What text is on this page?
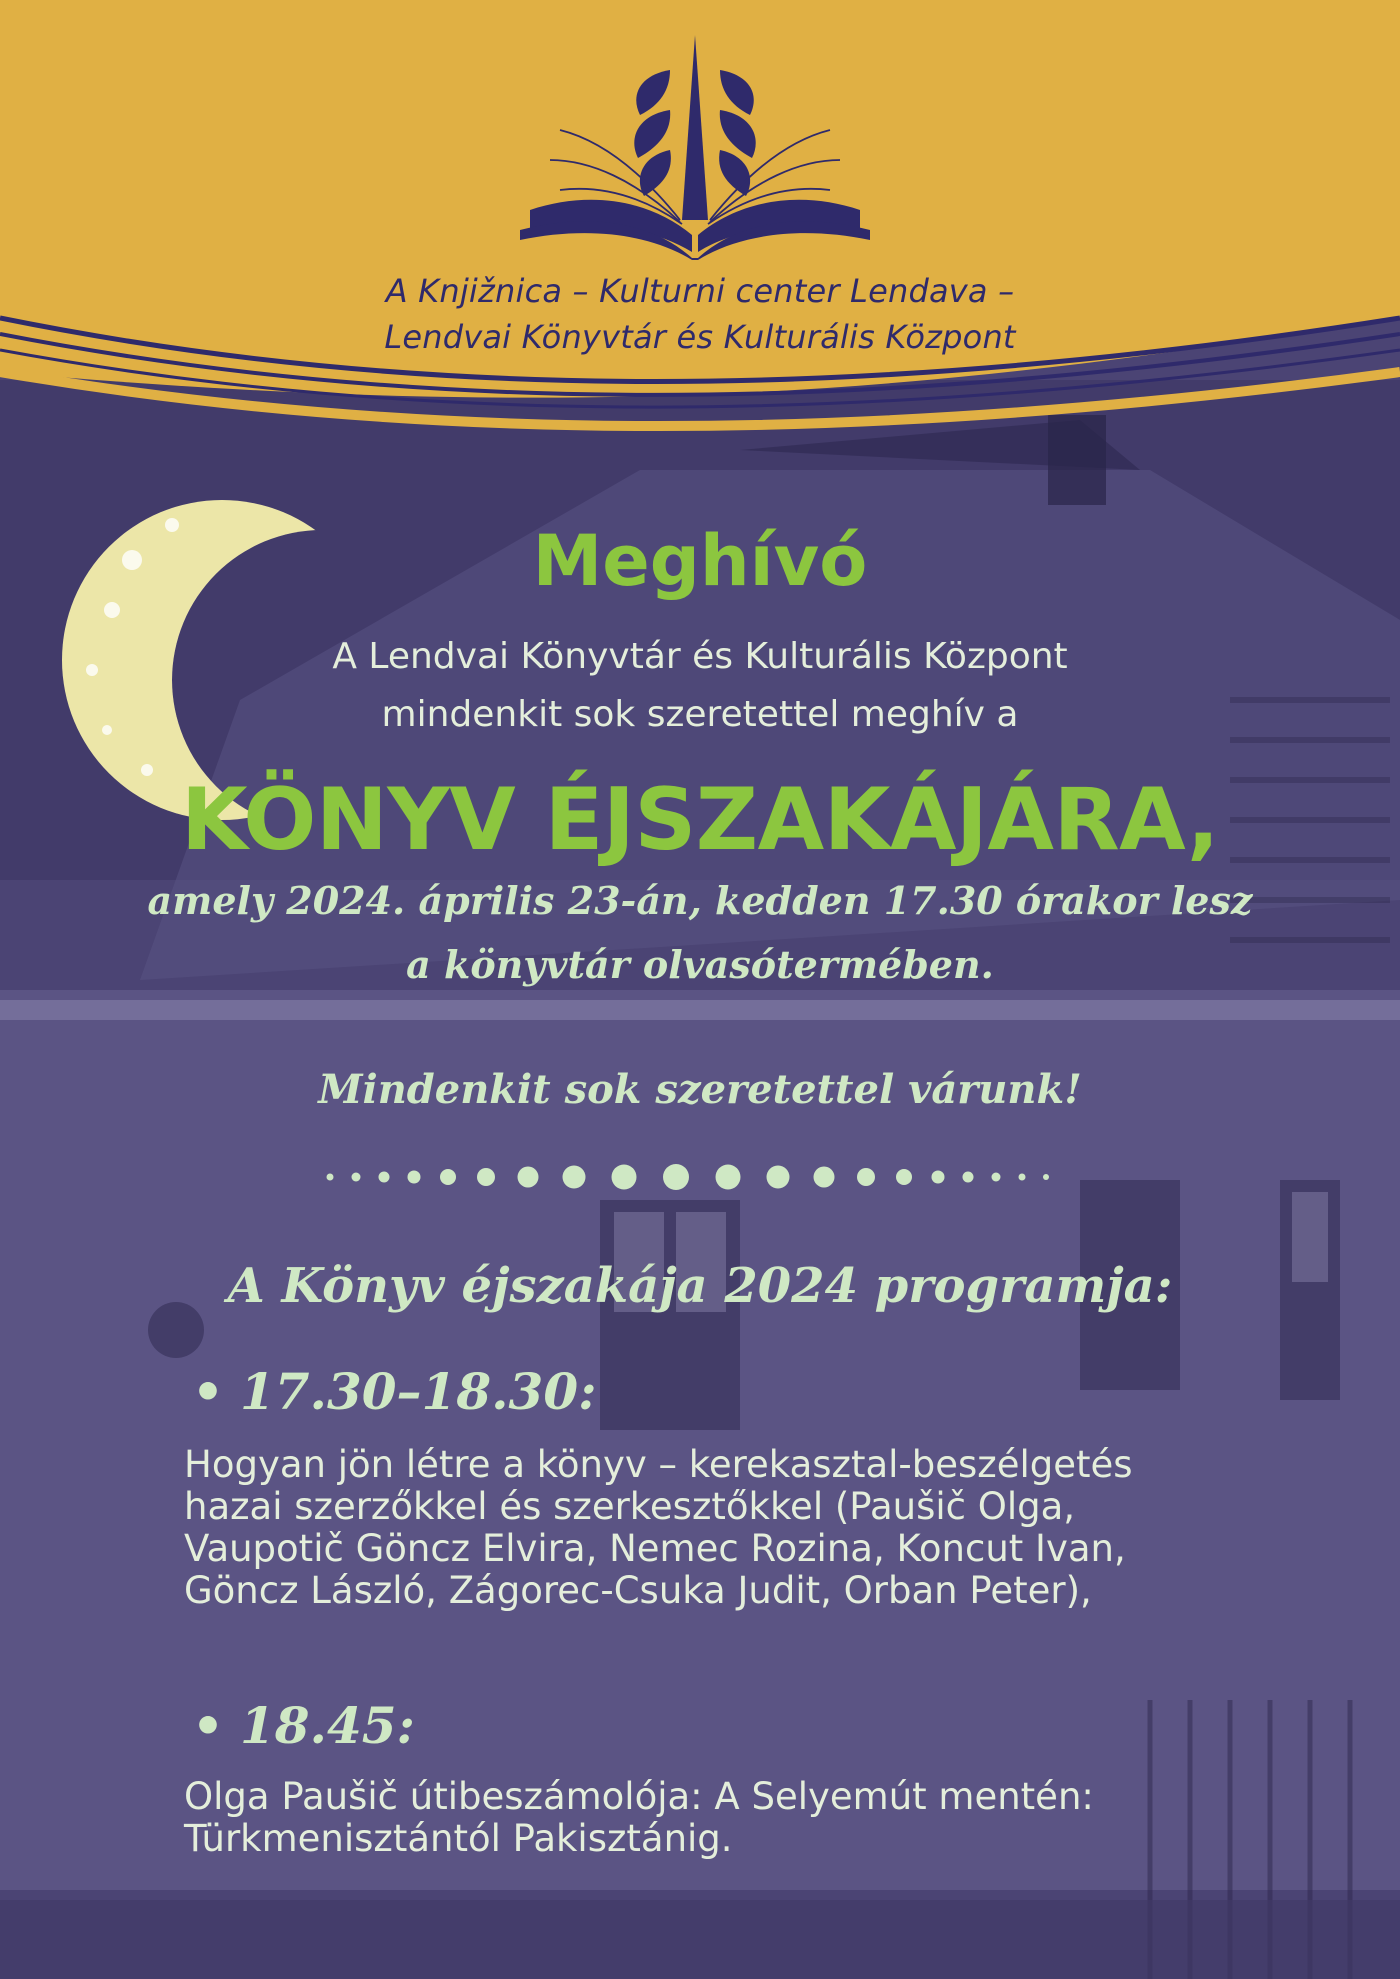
A Knjižnica – Kulturni center Lendava –
Lendvai Könyvtár és Kulturális Központ
Meghívó
A Lendvai Könyvtár és Kulturális Központ
mindenkit sok szeretettel meghív a
KÖNYV ÉJSZAKÁJÁRA,
amely 2024. április 23-án, kedden 17.30 órakor lesz
a könyvtár olvasótermében.
Mindenkit sok szeretettel várunk!
A Könyv éjszakája 2024 programja:
• 17.30–18.30:
Hogyan jön létre a könyv – kerekasztal-beszélgetés
hazai szerzőkkel és szerkesztőkkel (Paušič Olga,
Vaupotič Göncz Elvira, Nemec Rozina, Koncut Ivan,
Göncz László, Zágorec-Csuka Judit, Orban Peter),
• 18.45:
Olga Paušič útibeszámolója: A Selyemút mentén:
Türkmenisztántól Pakisztánig.
